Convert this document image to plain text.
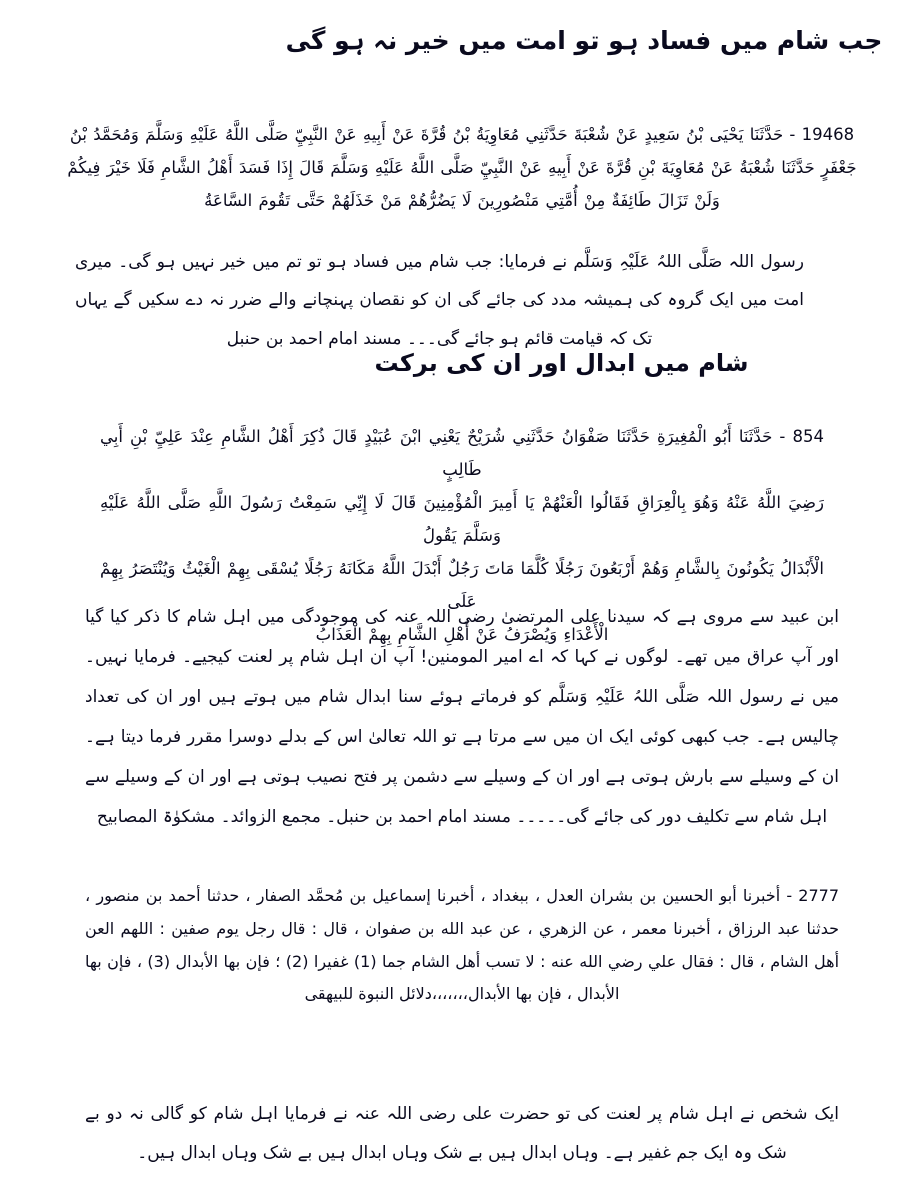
جب شام میں فساد ہو تو امت میں خیر نہ ہو گی
19468 - حَدَّثَنَا يَحْيَى بْنُ سَعِيدٍ عَنْ شُعْبَةَ حَدَّثَنِي مُعَاوِيَةُ بْنُ قُرَّةَ عَنْ أَبِيهِ عَنْ النَّبِيِّ صَلَّى اللَّهُ عَلَيْهِ وَسَلَّمَ وَمُحَمَّدُ بْنُ
جَعْفَرٍ حَدَّثَنَا شُعْبَةُ عَنْ مُعَاوِيَةَ بْنِ قُرَّةَ عَنْ أَبِيهِ عَنْ النَّبِيِّ صَلَّى اللَّهُ عَلَيْهِ وَسَلَّمَ قَالَ إِذَا فَسَدَ أَهْلُ الشَّامِ فَلَا خَيْرَ فِيكُمْ
وَلَنْ تَزَالَ طَائِفَةٌ مِنْ أُمَّتِي مَنْصُورِينَ لَا يَضُرُّهُمْ مَنْ خَذَلَهُمْ حَتَّى تَقُومَ السَّاعَةُ
رسول اللہ صَلَّی اللہُ عَلَیْہِ وَسَلَّم نے فرمایا: جب شام میں فساد ہو تو تم میں خیر نہیں ہو گی۔ میری امت میں ایک گروہ کی ہمیشہ مدد کی جائے گی ان کو نقصان پہنچانے والے ضرر نہ دے سکیں گے یہاں تک کہ قیامت قائم ہو جائے گی۔۔۔ مسند امام احمد بن حنبل
شام میں ابدال اور ان کی برکت
854 - حَدَّثَنَا أَبُو الْمُغِيرَةِ حَدَّثَنَا صَفْوَانُ حَدَّثَنِي شُرَيْحٌ يَعْنِي ابْنَ عُبَيْدٍ قَالَ ذُكِرَ أَهْلُ الشَّامِ عِنْدَ عَلِيِّ بْنِ أَبِي طَالِبٍ
رَضِيَ اللَّهُ عَنْهُ وَهُوَ بِالْعِرَاقِ فَقَالُوا الْعَنْهُمْ يَا أَمِيرَ الْمُؤْمِنِينَ قَالَ لَا إِنِّي سَمِعْتُ رَسُولَ اللَّهِ صَلَّى اللَّهُ عَلَيْهِ وَسَلَّمَ يَقُولُ
الْأَبْدَالُ يَكُونُونَ بِالشَّامِ وَهُمْ أَرْبَعُونَ رَجُلًا كُلَّمَا مَاتَ رَجُلٌ أَبْدَلَ اللَّهُ مَكَانَهُ رَجُلًا يُسْقَى بِهِمْ الْغَيْثُ وَيُنْتَصَرُ بِهِمْ عَلَى
الْأَعْدَاءِ وَيُصْرَفُ عَنْ أَهْلِ الشَّامِ بِهِمْ الْعَذَابُ
ابن عبید سے مروی ہے کہ سیدنا علی المرتضیٰ رضی اللہ عنہ کی موجودگی میں اہل شام کا ذکر کیا گیا اور آپ عراق میں تھے۔ لوگوں نے کہا کہ اے امیر المومنین! آپ ان اہل شام پر لعنت کیجیے۔ فرمایا نہیں۔ میں نے رسول اللہ صَلَّی اللہُ عَلَیْہِ وَسَلَّم کو فرماتے ہوئے سنا ابدال شام میں ہوتے ہیں اور ان کی تعداد چالیس ہے۔ جب کبھی کوئی ایک ان میں سے مرتا ہے تو اللہ تعالیٰ اس کے بدلے دوسرا مقرر فرما دیتا ہے۔ ان کے وسیلے سے بارش ہوتی ہے اور ان کے وسیلے سے دشمن پر فتح نصیب ہوتی ہے اور ان کے وسیلے سے اہل شام سے تکلیف دور کی جائے گی۔۔۔۔۔ مسند امام احمد بن حنبل۔ مجمع الزوائد۔ مشکوٰۃ المصابیح
2777 - أخبرنا أبو الحسين بن بشران العدل ، ببغداد ، أخبرنا إسماعيل بن مُحمَّد الصفار ، حدثنا أحمد بن منصور ، حدثنا عبد الرزاق ، أخبرنا معمر ، عن الزهري ، عن عبد الله بن صفوان ، قال : قال رجل يوم صفين : اللهم العن أهل الشام ، قال : فقال علي رضي الله عنه : لا تسب أهل الشام جما (1) غفيرا (2) ؛ فإن بها الأبدال (3) ، فإن بها الأبدال ، فإن بها الأبدال،،،،،،،دلائل النبوة للبيهقى
ایک شخص نے اہل شام پر لعنت کی تو حضرت علی رضی اللہ عنہ نے فرمایا اہل شام کو گالی نہ دو بے شک وہ ایک جم غفیر ہے۔ وہاں ابدال ہیں بے شک وہاں ابدال ہیں بے شک وہاں ابدال ہیں۔
